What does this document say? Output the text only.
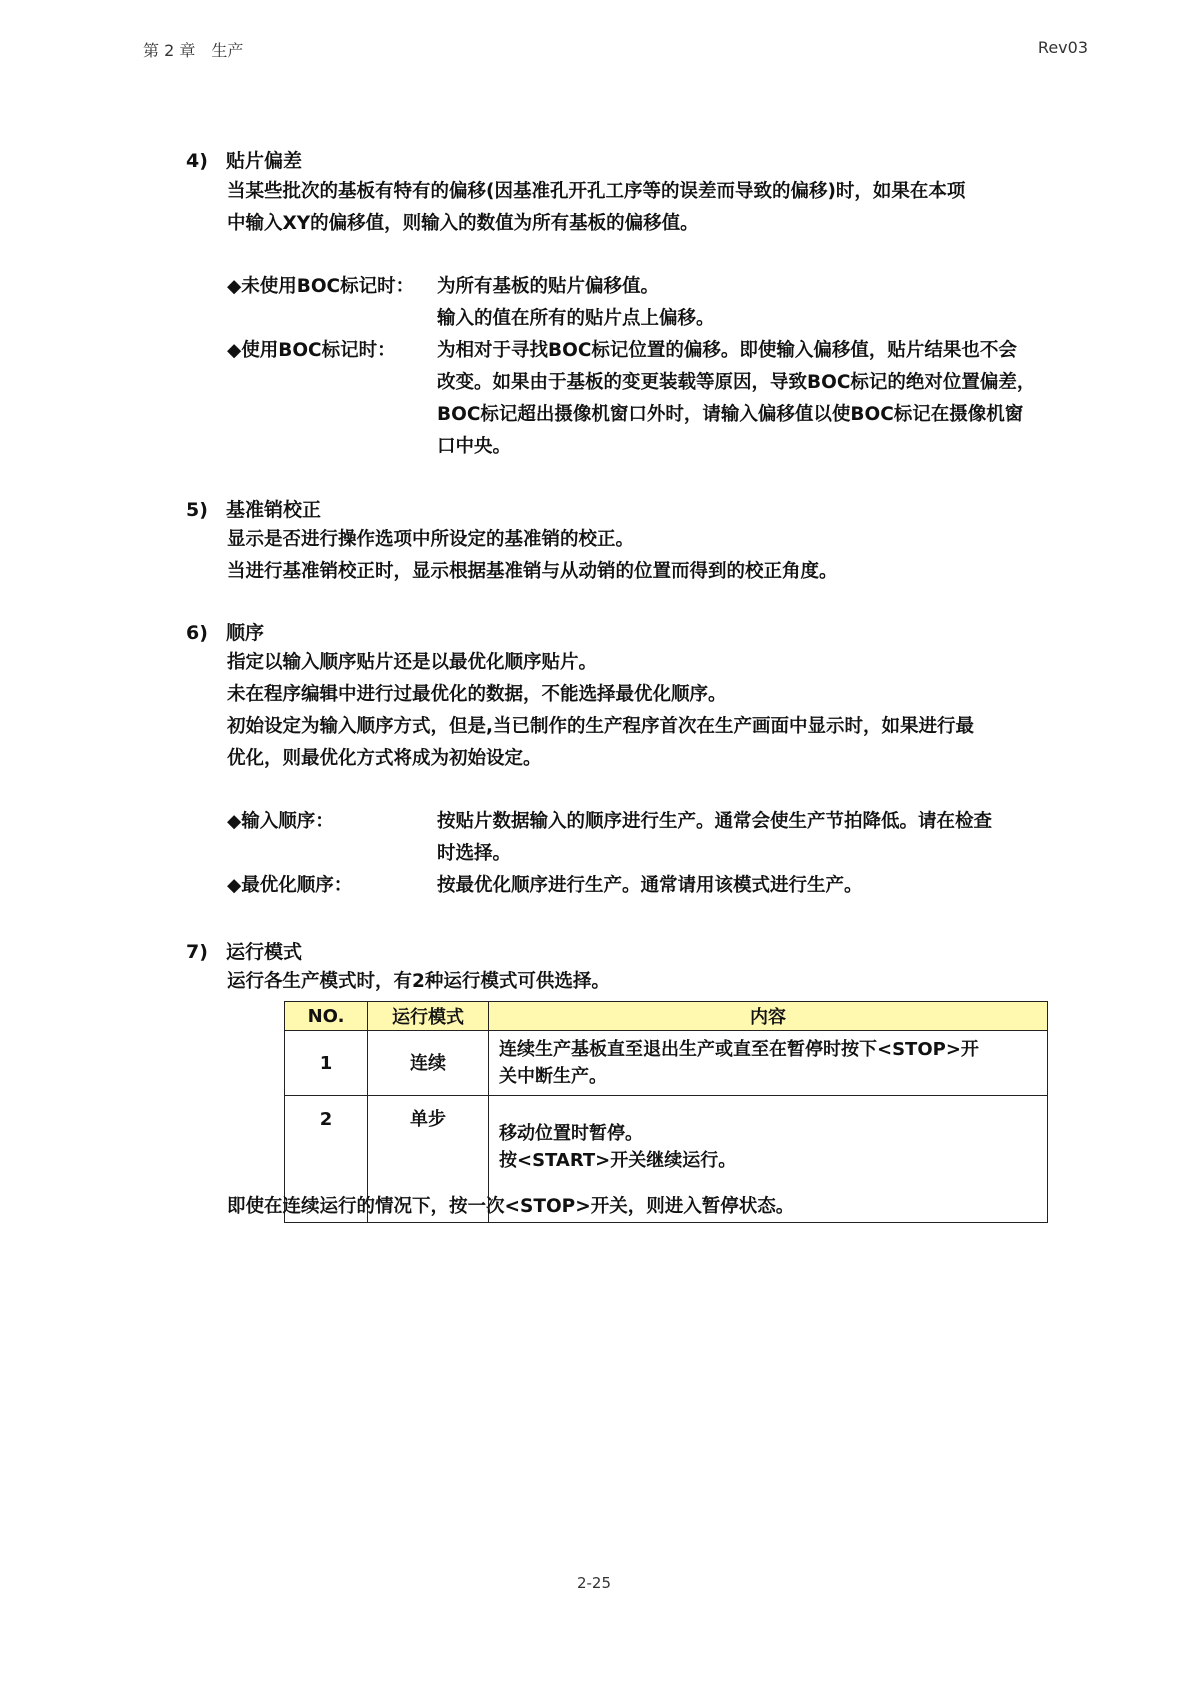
第 2 章　生产	Rev03
4) 贴片偏差
当某些批次的基板有特有的偏移(因基准孔开孔工序等的误差而导致的偏移)时，如果在本项
中输入XY的偏移值，则输入的数值为所有基板的偏移值。
◆未使用BOC标记时：	为所有基板的贴片偏移值。
输入的值在所有的贴片点上偏移。
◆使用BOC标记时：	为相对于寻找BOC标记位置的偏移。即使输入偏移值，贴片结果也不会
改变。如果由于基板的变更装载等原因，导致BOC标记的绝对位置偏差，
BOC标记超出摄像机窗口外时，请输入偏移值以使BOC标记在摄像机窗
口中央。
5) 基准销校正
显示是否进行操作选项中所设定的基准销的校正。
当进行基准销校正时，显示根据基准销与从动销的位置而得到的校正角度。
6) 顺序
指定以输入顺序贴片还是以最优化顺序贴片。
未在程序编辑中进行过最优化的数据，不能选择最优化顺序。
初始设定为输入顺序方式，但是,当已制作的生产程序首次在生产画面中显示时，如果进行最
优化，则最优化方式将成为初始设定。
◆输入顺序：	按贴片数据输入的顺序进行生产。通常会使生产节拍降低。请在检查
时选择。
◆最优化顺序：	按最优化顺序进行生产。通常请用该模式进行生产。
7) 运行模式
运行各生产模式时，有2种运行模式可供选择。
NO.	运行模式	内容
1	连续	连续生产基板直至退出生产或直至在暂停时按下<STOP>开
关中断生产。

2	单步	移动位置时暂停。
按<START>开关继续运行。
即使在连续运行的情况下，按一次<STOP>开关，则进入暂停状态。
2-25
